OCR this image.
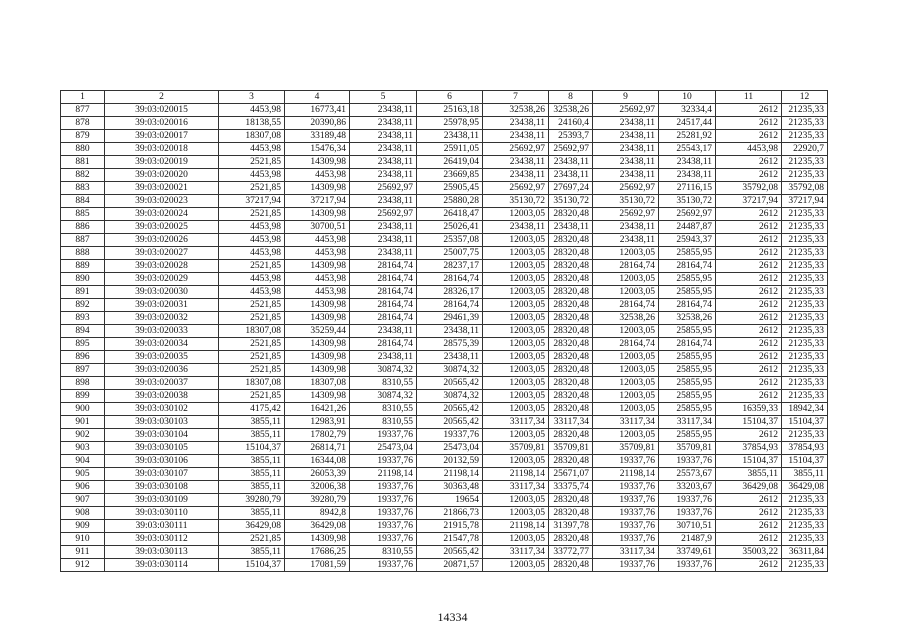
1	2	3	4	5	6	7	8	9	10	11	12
877	39:03:020015	4453,98	16773,41	23438,11	25163,18	32538,26	32538,26	25692,97	32334,4	2612	21235,33
878	39:03:020016	18138,55	20390,86	23438,11	25978,95	23438,11	24160,4	23438,11	24517,44	2612	21235,33
879	39:03:020017	18307,08	33189,48	23438,11	23438,11	23438,11	25393,7	23438,11	25281,92	2612	21235,33
880	39:03:020018	4453,98	15476,34	23438,11	25911,05	25692,97	25692,97	23438,11	25543,17	4453,98	22920,7
881	39:03:020019	2521,85	14309,98	23438,11	26419,04	23438,11	23438,11	23438,11	23438,11	2612	21235,33
882	39:03:020020	4453,98	4453,98	23438,11	23669,85	23438,11	23438,11	23438,11	23438,11	2612	21235,33
883	39:03:020021	2521,85	14309,98	25692,97	25905,45	25692,97	27697,24	25692,97	27116,15	35792,08	35792,08
884	39:03:020023	37217,94	37217,94	23438,11	25880,28	35130,72	35130,72	35130,72	35130,72	37217,94	37217,94
885	39:03:020024	2521,85	14309,98	25692,97	26418,47	12003,05	28320,48	25692,97	25692,97	2612	21235,33
886	39:03:020025	4453,98	30700,51	23438,11	25026,41	23438,11	23438,11	23438,11	24487,87	2612	21235,33
887	39:03:020026	4453,98	4453,98	23438,11	25357,08	12003,05	28320,48	23438,11	25943,37	2612	21235,33
888	39:03:020027	4453,98	4453,98	23438,11	25007,75	12003,05	28320,48	12003,05	25855,95	2612	21235,33
889	39:03:020028	2521,85	14309,98	28164,74	28237,17	12003,05	28320,48	28164,74	28164,74	2612	21235,33
890	39:03:020029	4453,98	4453,98	28164,74	28164,74	12003,05	28320,48	12003,05	25855,95	2612	21235,33
891	39:03:020030	4453,98	4453,98	28164,74	28326,17	12003,05	28320,48	12003,05	25855,95	2612	21235,33
892	39:03:020031	2521,85	14309,98	28164,74	28164,74	12003,05	28320,48	28164,74	28164,74	2612	21235,33
893	39:03:020032	2521,85	14309,98	28164,74	29461,39	12003,05	28320,48	32538,26	32538,26	2612	21235,33
894	39:03:020033	18307,08	35259,44	23438,11	23438,11	12003,05	28320,48	12003,05	25855,95	2612	21235,33
895	39:03:020034	2521,85	14309,98	28164,74	28575,39	12003,05	28320,48	28164,74	28164,74	2612	21235,33
896	39:03:020035	2521,85	14309,98	23438,11	23438,11	12003,05	28320,48	12003,05	25855,95	2612	21235,33
897	39:03:020036	2521,85	14309,98	30874,32	30874,32	12003,05	28320,48	12003,05	25855,95	2612	21235,33
898	39:03:020037	18307,08	18307,08	8310,55	20565,42	12003,05	28320,48	12003,05	25855,95	2612	21235,33
899	39:03:020038	2521,85	14309,98	30874,32	30874,32	12003,05	28320,48	12003,05	25855,95	2612	21235,33
900	39:03:030102	4175,42	16421,26	8310,55	20565,42	12003,05	28320,48	12003,05	25855,95	16359,33	18942,34
901	39:03:030103	3855,11	12983,91	8310,55	20565,42	33117,34	33117,34	33117,34	33117,34	15104,37	15104,37
902	39:03:030104	3855,11	17802,79	19337,76	19337,76	12003,05	28320,48	12003,05	25855,95	2612	21235,33
903	39:03:030105	15104,37	26814,71	25473,04	25473,04	35709,81	35709,81	35709,81	35709,81	37854,93	37854,93
904	39:03:030106	3855,11	16344,08	19337,76	20132,59	12003,05	28320,48	19337,76	19337,76	15104,37	15104,37
905	39:03:030107	3855,11	26053,39	21198,14	21198,14	21198,14	25671,07	21198,14	25573,67	3855,11	3855,11
906	39:03:030108	3855,11	32006,38	19337,76	30363,48	33117,34	33375,74	19337,76	33203,67	36429,08	36429,08
907	39:03:030109	39280,79	39280,79	19337,76	19654	12003,05	28320,48	19337,76	19337,76	2612	21235,33
908	39:03:030110	3855,11	8942,8	19337,76	21866,73	12003,05	28320,48	19337,76	19337,76	2612	21235,33
909	39:03:030111	36429,08	36429,08	19337,76	21915,78	21198,14	31397,78	19337,76	30710,51	2612	21235,33
910	39:03:030112	2521,85	14309,98	19337,76	21547,78	12003,05	28320,48	19337,76	21487,9	2612	21235,33
911	39:03:030113	3855,11	17686,25	8310,55	20565,42	33117,34	33772,77	33117,34	33749,61	35003,22	36311,84
912	39:03:030114	15104,37	17081,59	19337,76	20871,57	12003,05	28320,48	19337,76	19337,76	2612	21235,33
14334
